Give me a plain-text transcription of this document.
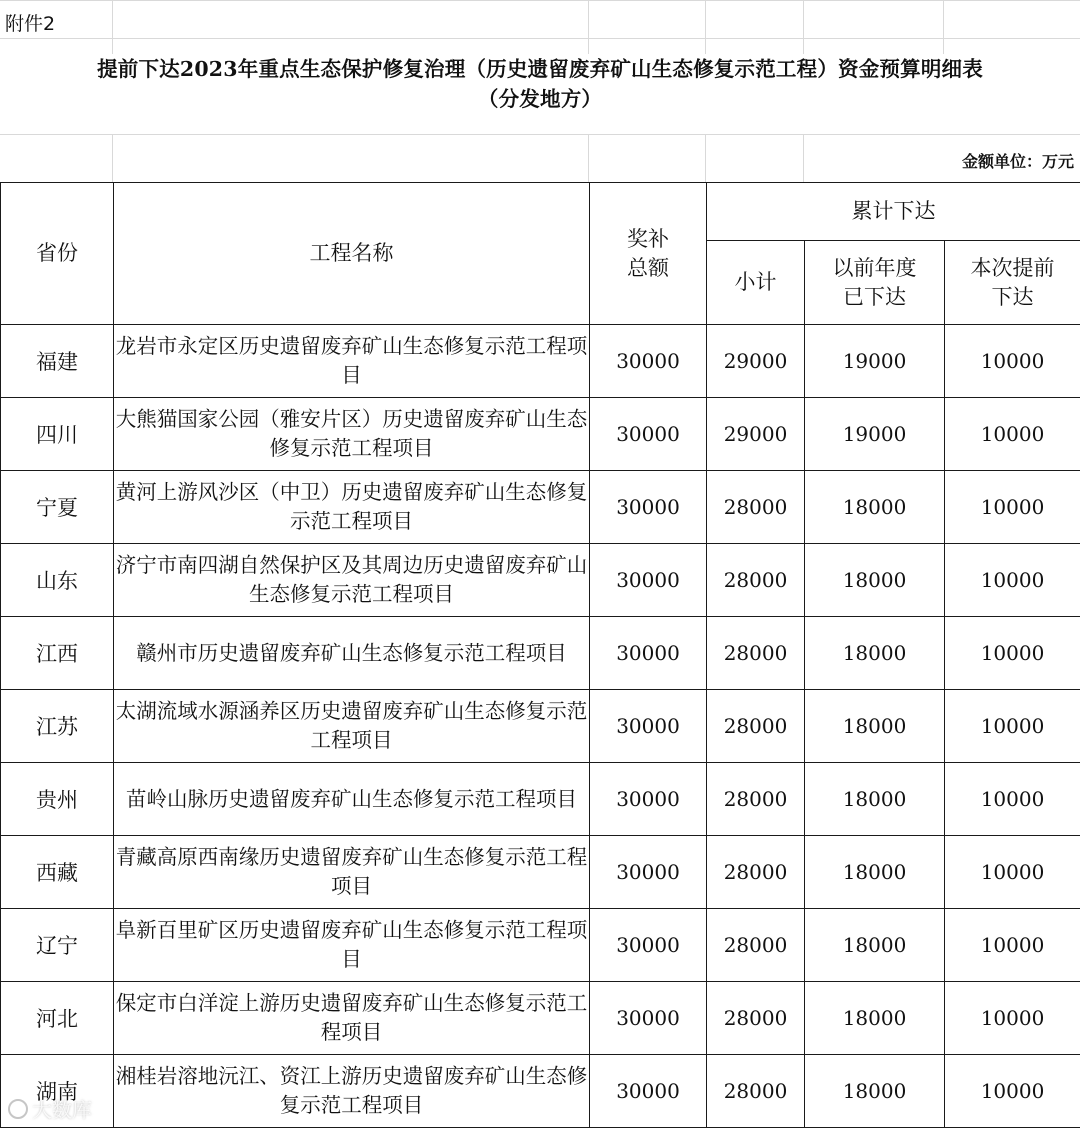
附件2
提前下达2023年重点生态保护修复治理（历史遗留废弃矿山生态修复示范工程）资金预算明细表
（分发地方）
金额单位：万元
省份	工程名称	奖补总额	累计下达		
			小计	以前年度已下达	本次提前下达

福建	龙岩市永定区历史遗留废弃矿山生态修复示范工程项目	30000	29000	19000	10000
四川	大熊猫国家公园（雅安片区）历史遗留废弃矿山生态修复示范工程项目	30000	29000	19000	10000
宁夏	黄河上游风沙区（中卫）历史遗留废弃矿山生态修复示范工程项目	30000	28000	18000	10000
山东	济宁市南四湖自然保护区及其周边历史遗留废弃矿山生态修复示范工程项目	30000	28000	18000	10000
江西	赣州市历史遗留废弃矿山生态修复示范工程项目	30000	28000	18000	10000
江苏	太湖流域水源涵养区历史遗留废弃矿山生态修复示范工程项目	30000	28000	18000	10000
贵州	苗岭山脉历史遗留废弃矿山生态修复示范工程项目	30000	28000	18000	10000
西藏	青藏高原西南缘历史遗留废弃矿山生态修复示范工程项目	30000	28000	18000	10000
辽宁	阜新百里矿区历史遗留废弃矿山生态修复示范工程项目	30000	28000	18000	10000
河北	保定市白洋淀上游历史遗留废弃矿山生态修复示范工程项目	30000	28000	18000	10000
湖南	湘桂岩溶地沅江、资江上游历史遗留废弃矿山生态修复示范工程项目	30000	28000	18000	10000
大数库
